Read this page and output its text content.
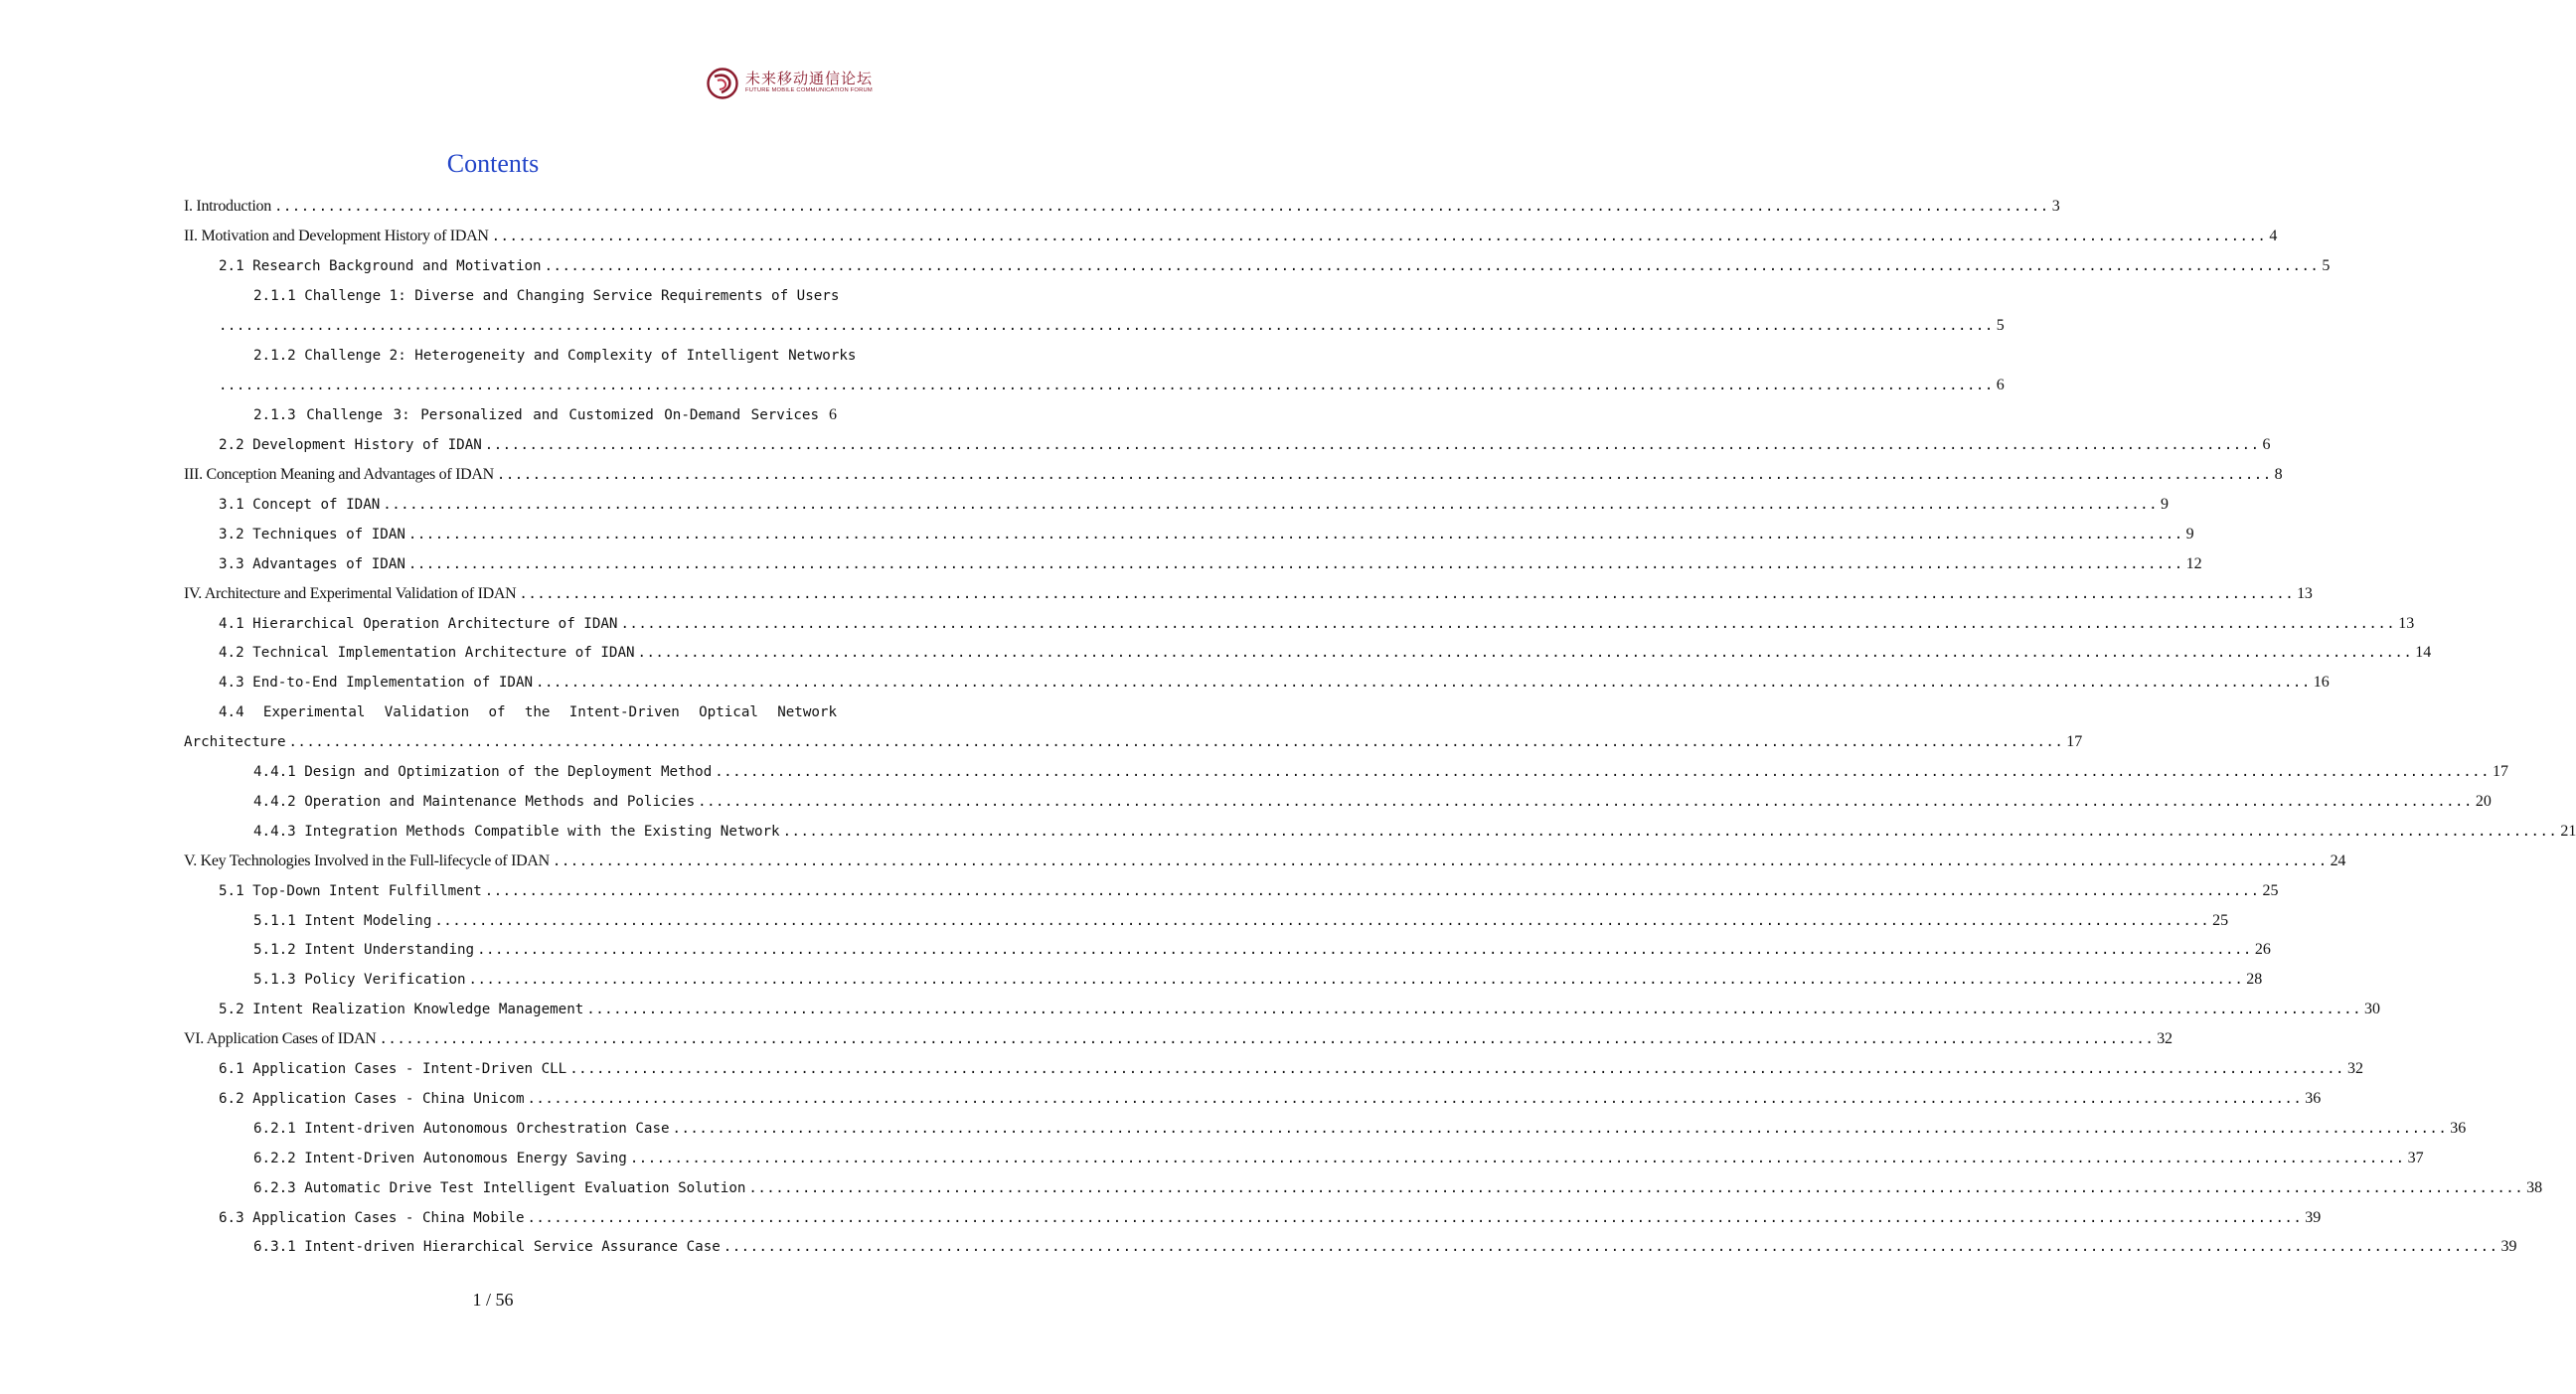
未来移动通信论坛
FUTURE MOBILE COMMUNICATION FORUM
Contents
I. Introduction ........................................................................................................................................................................................................ 3
II. Motivation and Development History of IDAN ........................................................................................................................................................................................................ 4
2.1 Research Background and Motivation ........................................................................................................................................................................................................ 5
2.1.1 Challenge 1: Diverse and Changing Service Requirements of Users
........................................................................................................................................................................................................ 5
2.1.2 Challenge 2: Heterogeneity and Complexity of Intelligent Networks
........................................................................................................................................................................................................ 6
2.1.3 Challenge 3: Personalized and Customized On-Demand Services 6
2.2 Development History of IDAN ........................................................................................................................................................................................................ 6
III. Conception Meaning and Advantages of IDAN ........................................................................................................................................................................................................ 8
3.1 Concept of IDAN ........................................................................................................................................................................................................ 9
3.2 Techniques of IDAN ........................................................................................................................................................................................................ 9
3.3 Advantages of IDAN ........................................................................................................................................................................................................ 12
IV. Architecture and Experimental Validation of IDAN ........................................................................................................................................................................................................ 13
4.1 Hierarchical Operation Architecture of IDAN ........................................................................................................................................................................................................ 13
4.2 Technical Implementation Architecture of IDAN ........................................................................................................................................................................................................ 14
4.3 End-to-End Implementation of IDAN ........................................................................................................................................................................................................ 16
4.4 Experimental Validation of the Intent-Driven Optical Network
Architecture ........................................................................................................................................................................................................ 17
4.4.1 Design and Optimization of the Deployment Method ........................................................................................................................................................................................................ 17
4.4.2 Operation and Maintenance Methods and Policies ........................................................................................................................................................................................................ 20
4.4.3 Integration Methods Compatible with the Existing Network ........................................................................................................................................................................................................ 21
V. Key Technologies Involved in the Full-lifecycle of IDAN ........................................................................................................................................................................................................ 24
5.1 Top-Down Intent Fulfillment ........................................................................................................................................................................................................ 25
5.1.1 Intent Modeling ........................................................................................................................................................................................................ 25
5.1.2 Intent Understanding ........................................................................................................................................................................................................ 26
5.1.3 Policy Verification ........................................................................................................................................................................................................ 28
5.2 Intent Realization Knowledge Management ........................................................................................................................................................................................................ 30
VI. Application Cases of IDAN ........................................................................................................................................................................................................ 32
6.1 Application Cases - Intent-Driven CLL ........................................................................................................................................................................................................ 32
6.2 Application Cases - China Unicom ........................................................................................................................................................................................................ 36
6.2.1 Intent-driven Autonomous Orchestration Case ........................................................................................................................................................................................................ 36
6.2.2 Intent-Driven Autonomous Energy Saving ........................................................................................................................................................................................................ 37
6.2.3 Automatic Drive Test Intelligent Evaluation Solution ........................................................................................................................................................................................................ 38
6.3 Application Cases - China Mobile ........................................................................................................................................................................................................ 39
6.3.1 Intent-driven Hierarchical Service Assurance Case ........................................................................................................................................................................................................ 39
1 / 56
